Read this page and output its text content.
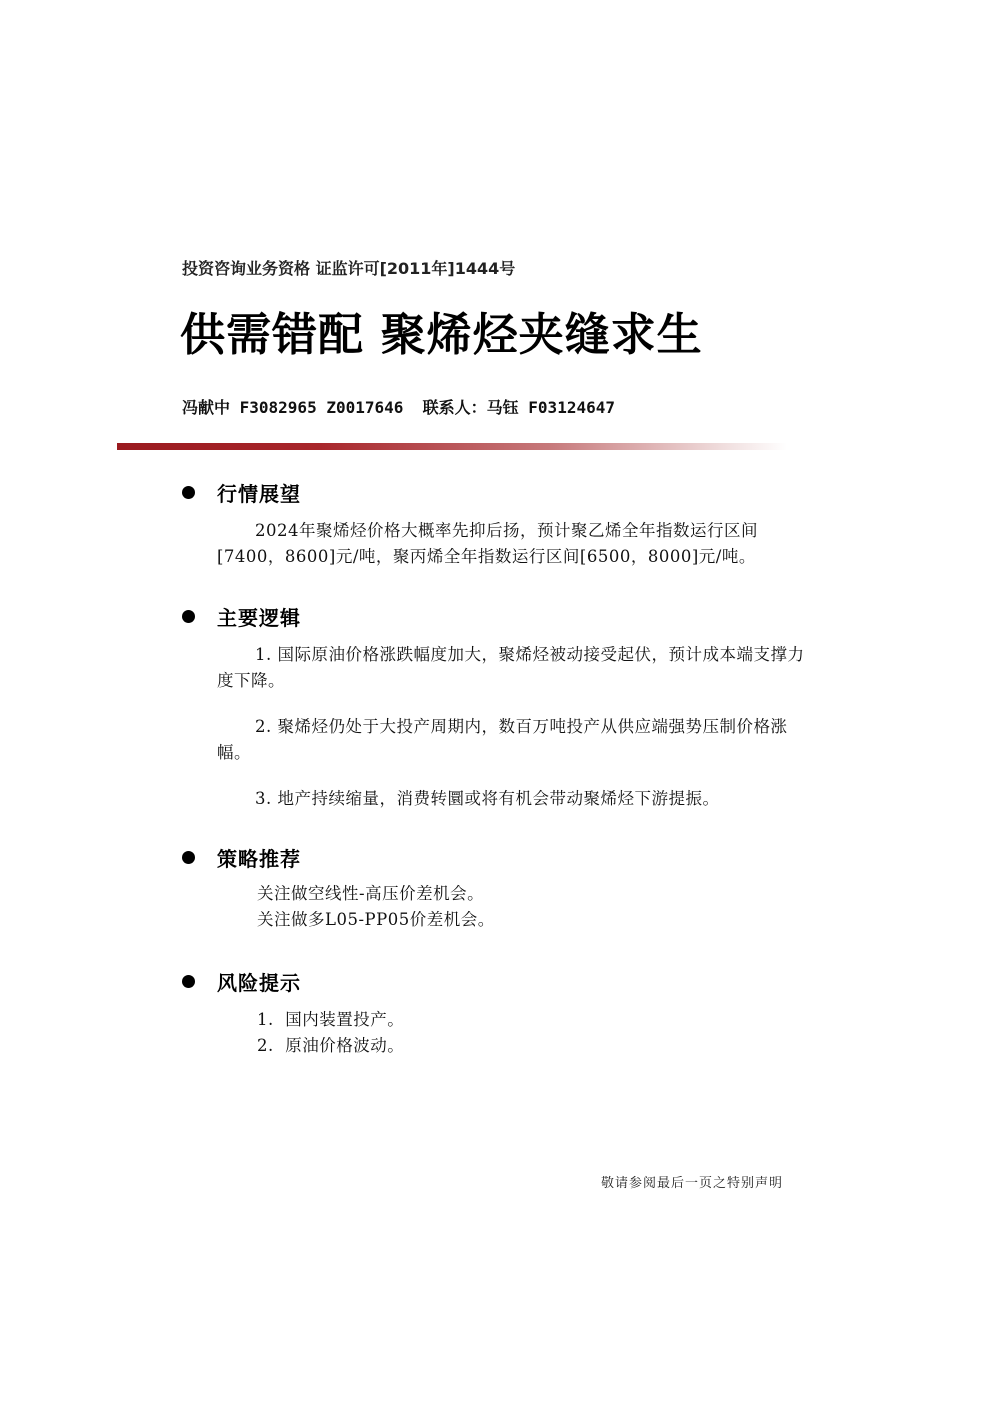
投资咨询业务资格 证监许可[2011年]1444号
供需错配 聚烯烃夹缝求生
冯献中 F3082965 Z0017646  联系人：马钰 F03124647
行情展望

2024年聚烯烃价格大概率先抑后扬，预计聚乙烯全年指数运行区间[7400，8600]元/吨，聚丙烯全年指数运行区间[6500，8000]元/吨。

主要逻辑

1. 国际原油价格涨跌幅度加大，聚烯烃被动接受起伏，预计成本端支撑力度下降。

2. 聚烯烃仍处于大投产周期内，数百万吨投产从供应端强势压制价格涨幅。

3. 地产持续缩量，消费转圜或将有机会带动聚烯烃下游提振。

策略推荐

关注做空线性-高压价差机会。

关注做多L05-PP05价差机会。

风险提示

1.  国内装置投产。

2.  原油价格波动。

敬请参阅最后一页之特别声明
